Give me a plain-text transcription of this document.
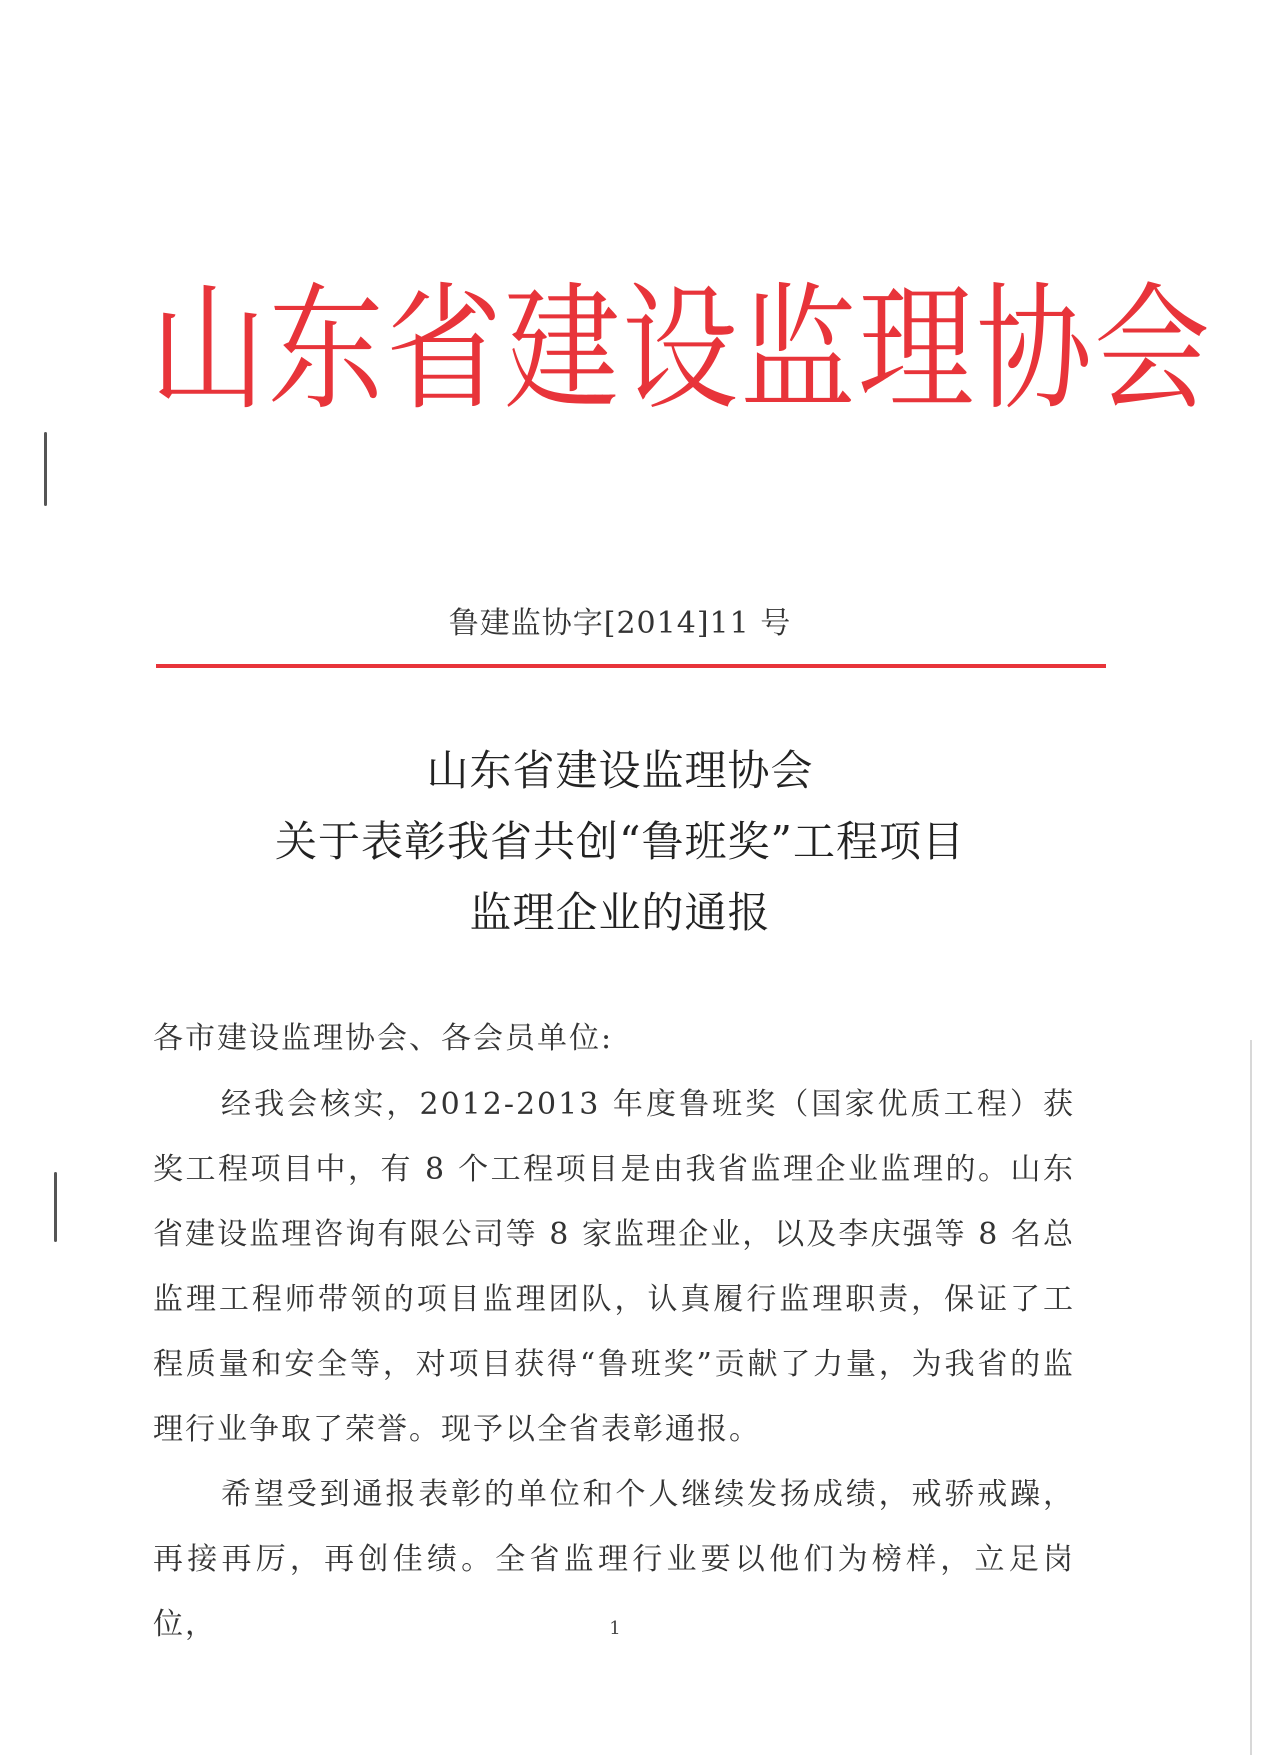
山东省建设监理协会
鲁建监协字[2014]11 号
山东省建设监理协会
关于表彰我省共创“鲁班奖”工程项目
监理企业的通报
各市建设监理协会、各会员单位:

经我会核实，2012-2013 年度鲁班奖（国家优质工程）获奖工程项目中，有 8 个工程项目是由我省监理企业监理的。山东省建设监理咨询有限公司等 8 家监理企业，以及李庆强等 8 名总监理工程师带领的项目监理团队，认真履行监理职责，保证了工程质量和安全等，对项目获得“鲁班奖”贡献了力量，为我省的监理行业争取了荣誉。现予以全省表彰通报。

希望受到通报表彰的单位和个人继续发扬成绩，戒骄戒躁，再接再厉，再创佳绩。全省监理行业要以他们为榜样，立足岗位，	1
